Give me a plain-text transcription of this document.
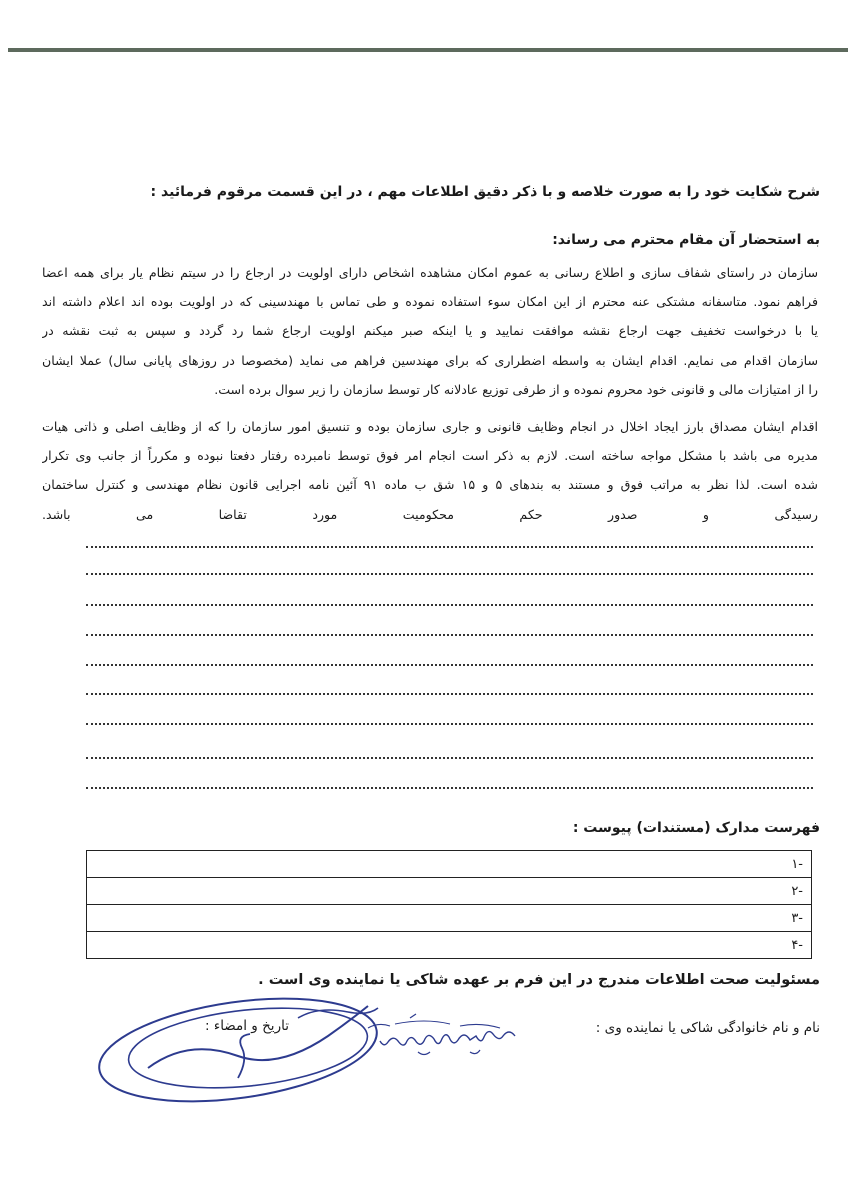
شرح شکایت خود را به صورت خلاصه و با ذکر دقیق اطلاعات مهم ، در این قسمت مرقوم فرمائید :
به استحضار آن مقام محترم می رساند:
سازمان در راستای شفاف سازی و اطلاع رسانی به عموم امکان مشاهده اشخاص دارای اولویت در ارجاع را در سیتم نظام یار برای همه اعضا
فراهم نمود. متاسفانه مشتکی عنه محترم از این امکان سوء استفاده نموده و طی تماس با مهندسینی که در اولویت بوده اند اعلام داشته اند
یا با درخواست تخفیف جهت ارجاع نقشه موافقت نمایید و یا اینکه صبر میکنم اولویت ارجاع شما رد گردد و سپس به ثبت نقشه در
سازمان اقدام می نمایم. اقدام ایشان به واسطه اضطراری که برای مهندسین فراهم می نماید (مخصوصا در روزهای پایانی سال) عملا ایشان
را از امتیازات مالی و قانونی خود محروم نموده و از طرفی توزیع عادلانه کار توسط سازمان را زیر سوال برده است.
اقدام ایشان مصداق بارز ایجاد اخلال در انجام وظایف قانونی و جاری سازمان بوده و تنسیق امور سازمان را که از وظایف اصلی و ذاتی هیات
مدیره می باشد با مشکل مواجه ساخته است. لازم به ذکر است انجام امر فوق توسط نامبرده رفتار دفعتا نبوده و مکرراً از جانب وی تکرار
شده است. لذا نظر به مراتب فوق و مستند به بندهای ۵ و ۱۵ شق ب ماده ۹۱ آئین نامه اجرایی قانون نظام مهندسی و کنترل ساختمان
رسیدگی و صدور حکم محکومیت مورد تقاضا می باشد.
فهرست مدارک (مستندات) پیوست :
-۱
-۲
-۳
-۴
مسئولیت صحت اطلاعات مندرج در این فرم بر عهده شاکی یا نماینده وی است .
نام و نام خانوادگی شاکی یا نماینده وی :
تاریخ و امضاء :
